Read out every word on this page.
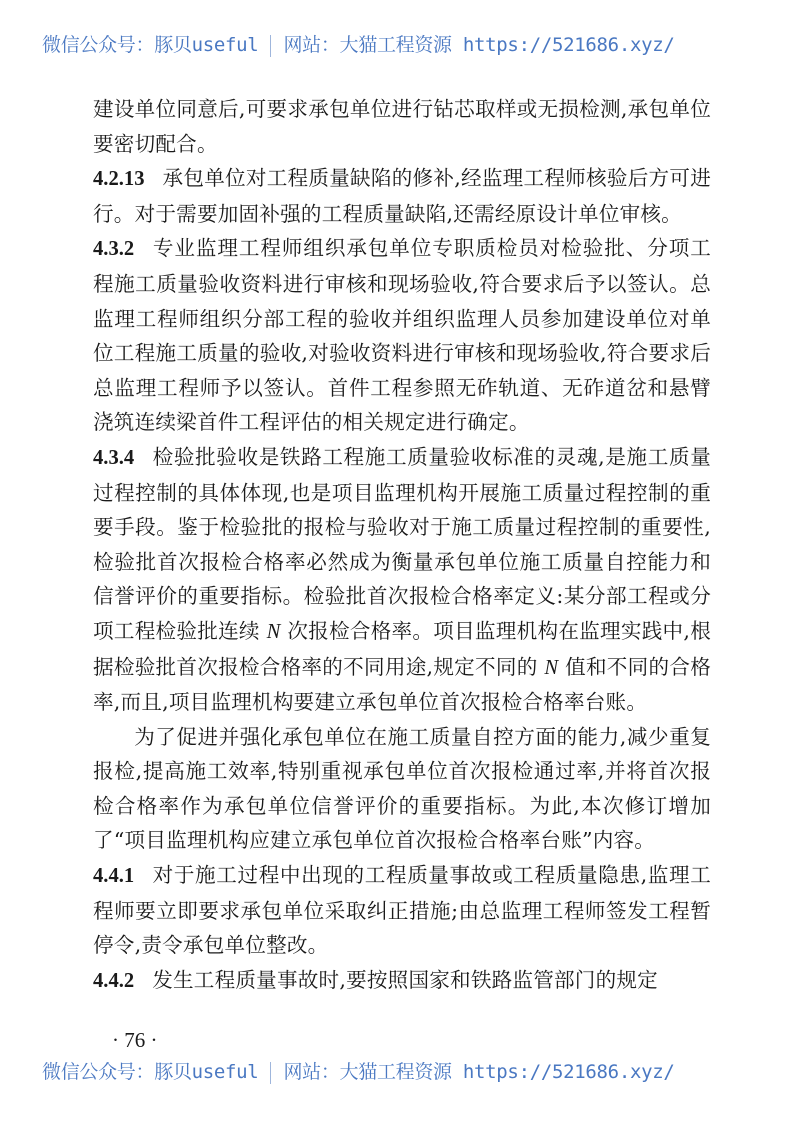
微信公众号：豚贝useful 网站：大猫工程资源 https://521686.xyz/

建设单位同意后,可要求承包单位进行钻芯取样或无损检测,承包单位要密切配合。

4.2.13 承包单位对工程质量缺陷的修补,经监理工程师核验后方可进行。对于需要加固补强的工程质量缺陷,还需经原设计单位审核。

4.3.2 专业监理工程师组织承包单位专职质检员对检验批、分项工程施工质量验收资料进行审核和现场验收,符合要求后予以签认。总监理工程师组织分部工程的验收并组织监理人员参加建设单位对单位工程施工质量的验收,对验收资料进行审核和现场验收,符合要求后总监理工程师予以签认。首件工程参照无砟轨道、无砟道岔和悬臂浇筑连续梁首件工程评估的相关规定进行确定。

4.3.4 检验批验收是铁路工程施工质量验收标准的灵魂,是施工质量过程控制的具体体现,也是项目监理机构开展施工质量过程控制的重要手段。鉴于检验批的报检与验收对于施工质量过程控制的重要性,检验批首次报检合格率必然成为衡量承包单位施工质量自控能力和信誉评价的重要指标。检验批首次报检合格率定义:某分部工程或分项工程检验批连续 N 次报检合格率。项目监理机构在监理实践中,根据检验批首次报检合格率的不同用途,规定不同的 N 值和不同的合格率,而且,项目监理机构要建立承包单位首次报检合格率台账。

为了促进并强化承包单位在施工质量自控方面的能力,减少重复报检,提高施工效率,特别重视承包单位首次报检通过率,并将首次报检合格率作为承包单位信誉评价的重要指标。为此,本次修订增加了“项目监理机构应建立承包单位首次报检合格率台账”内容。

4.4.1 对于施工过程中出现的工程质量事故或工程质量隐患,监理工程师要立即要求承包单位采取纠正措施;由总监理工程师签发工程暂停令,责令承包单位整改。

4.4.2 发生工程质量事故时,要按照国家和铁路监管部门的规定

· 76 ·
微信公众号：豚贝useful 网站：大猫工程资源 https://521686.xyz/
